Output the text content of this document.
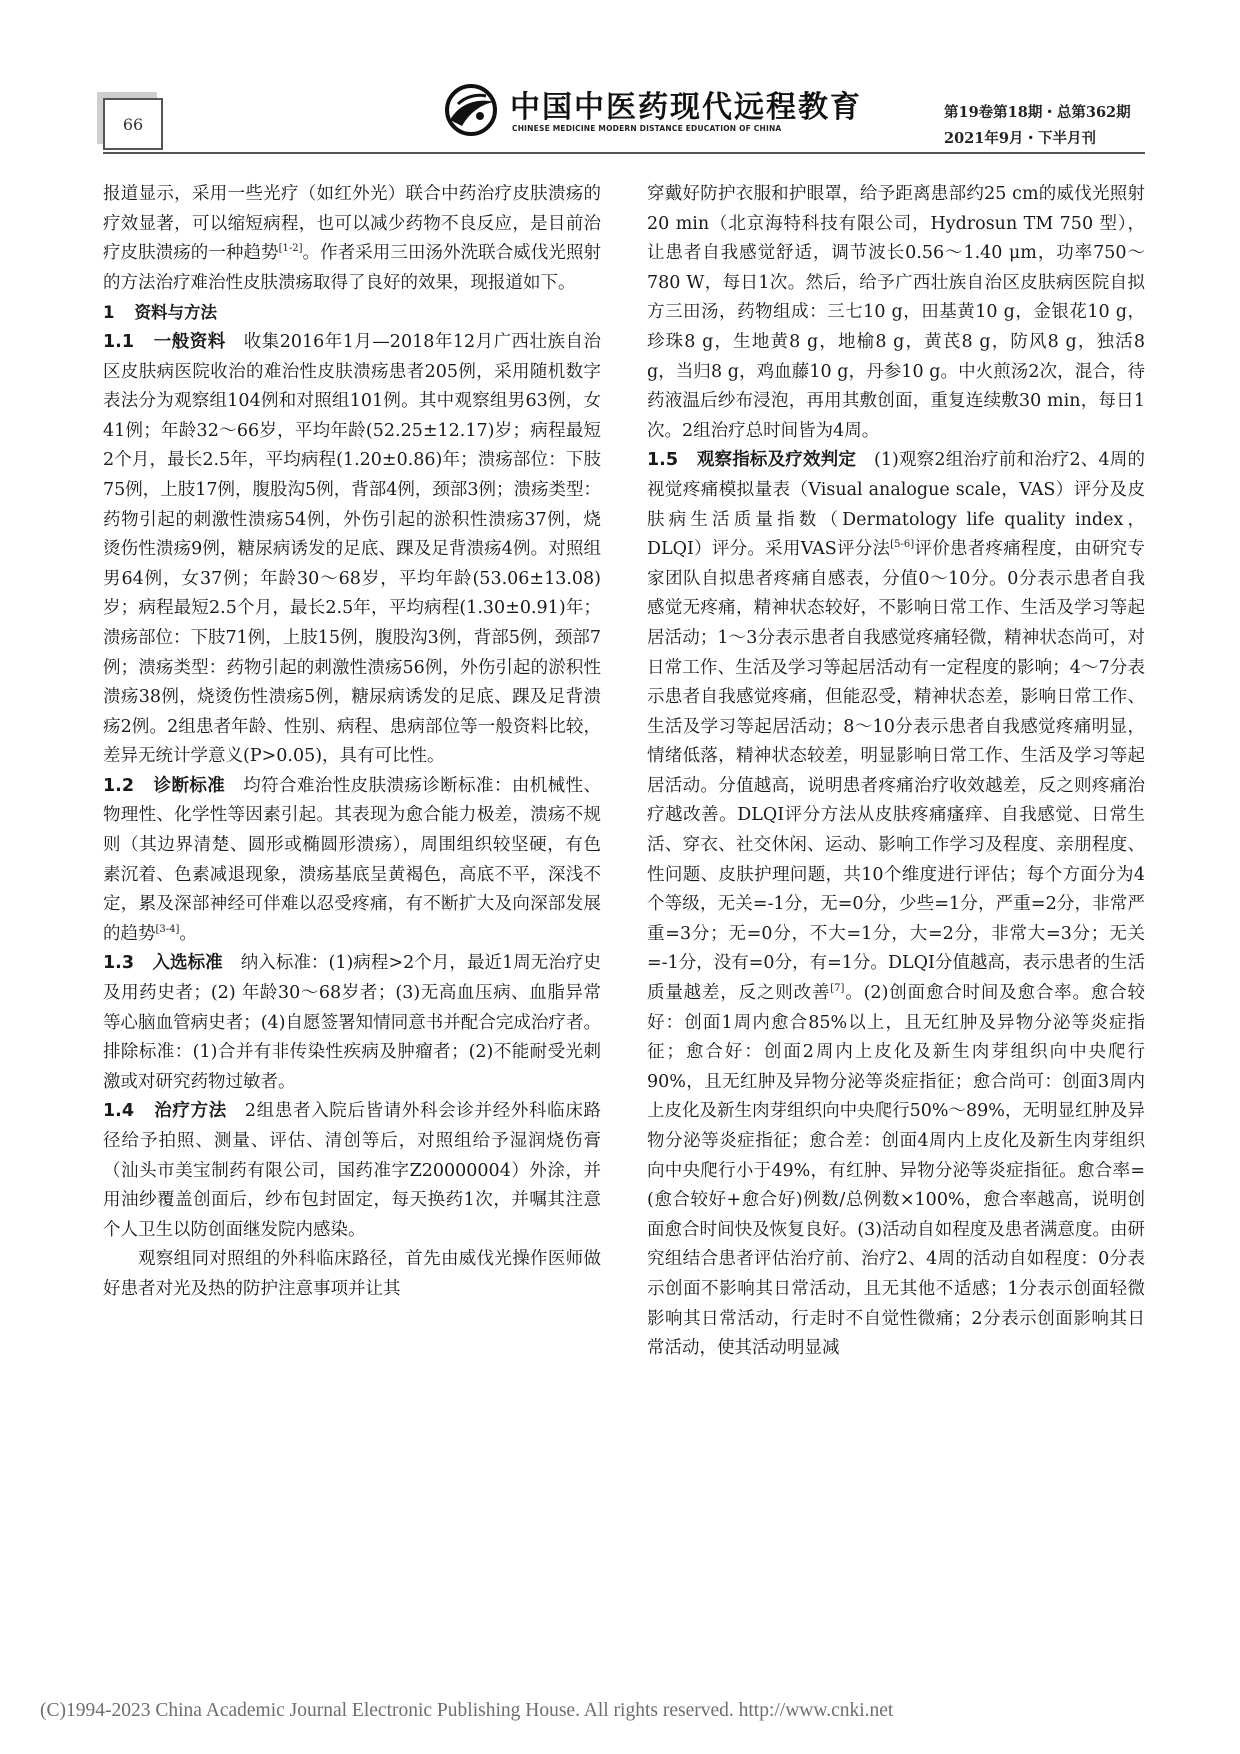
66	中国中医药现代远程教育
CHINESE MEDICINE MODERN DISTANCE EDUCATION OF CHINA
第19卷第18期・总第362期
2021年9月・下半月刊

报道显示，采用一些光疗（如红外光）联合中药治疗皮肤溃疡的疗效显著，可以缩短病程，也可以减少药物不良反应，是目前治疗皮肤溃疡的一种趋势[1-2]。作者采用三田汤外洗联合威伐光照射的方法治疗难治性皮肤溃疡取得了良好的效果，现报道如下。

1 资料与方法

1.1 一般资料 收集2016年1月—2018年12月广西壮族自治区皮肤病医院收治的难治性皮肤溃疡患者205例，采用随机数字表法分为观察组104例和对照组101例。其中观察组男63例，女41例；年龄32～66岁，平均年龄(52.25±12.17)岁；病程最短2个月，最长2.5年，平均病程(1.20±0.86)年；溃疡部位：下肢75例，上肢17例，腹股沟5例，背部4例，颈部3例；溃疡类型：药物引起的刺激性溃疡54例，外伤引起的淤积性溃疡37例，烧烫伤性溃疡9例，糖尿病诱发的足底、踝及足背溃疡4例。对照组男64例，女37例；年龄30～68岁，平均年龄(53.06±13.08)岁；病程最短2.5个月，最长2.5年，平均病程(1.30±0.91)年；溃疡部位：下肢71例，上肢15例，腹股沟3例，背部5例，颈部7例；溃疡类型：药物引起的刺激性溃疡56例，外伤引起的淤积性溃疡38例，烧烫伤性溃疡5例，糖尿病诱发的足底、踝及足背溃疡2例。2组患者年龄、性别、病程、患病部位等一般资料比较，差异无统计学意义(P>0.05)，具有可比性。

1.2 诊断标准 均符合难治性皮肤溃疡诊断标准：由机械性、物理性、化学性等因素引起。其表现为愈合能力极差，溃疡不规则（其边界清楚、圆形或椭圆形溃疡），周围组织较坚硬，有色素沉着、色素减退现象，溃疡基底呈黄褐色，高底不平，深浅不定，累及深部神经可伴难以忍受疼痛，有不断扩大及向深部发展的趋势[3-4]。

1.3 入选标准 纳入标准：(1)病程>2个月，最近1周无治疗史及用药史者；(2) 年龄30～68岁者；(3)无高血压病、血脂异常等心脑血管病史者；(4)自愿签署知情同意书并配合完成治疗者。排除标准：(1)合并有非传染性疾病及肿瘤者；(2)不能耐受光刺激或对研究药物过敏者。

1.4 治疗方法 2组患者入院后皆请外科会诊并经外科临床路径给予拍照、测量、评估、清创等后，对照组给予湿润烧伤膏（汕头市美宝制药有限公司，国药准字Z20000004）外涂，并用油纱覆盖创面后，纱布包封固定，每天换药1次，并嘱其注意个人卫生以防创面继发院内感染。

观察组同对照组的外科临床路径，首先由威伐光操作医师做好患者对光及热的防护注意事项并让其

穿戴好防护衣服和护眼罩，给予距离患部约25 cm的威伐光照射20 min（北京海特科技有限公司，Hydrosun TM 750 型），让患者自我感觉舒适，调节波长0.56～1.40 μm，功率750～780 W，每日1次。然后，给予广西壮族自治区皮肤病医院自拟方三田汤，药物组成：三七10 g，田基黄10 g，金银花10 g，珍珠8 g，生地黄8 g，地榆8 g，黄芪8 g，防风8 g，独活8 g，当归8 g，鸡血藤10 g，丹参10 g。中火煎汤2次，混合，待药液温后纱布浸泡，再用其敷创面，重复连续敷30 min，每日1次。2组治疗总时间皆为4周。

1.5 观察指标及疗效判定 (1)观察2组治疗前和治疗2、4周的视觉疼痛模拟量表（Visual analogue scale，VAS）评分及皮肤病生活质量指数（Dermatology life quality index，DLQI）评分。采用VAS评分法[5-6]评价患者疼痛程度，由研究专家团队自拟患者疼痛自感表，分值0～10分。0分表示患者自我感觉无疼痛，精神状态较好，不影响日常工作、生活及学习等起居活动；1～3分表示患者自我感觉疼痛轻微，精神状态尚可，对日常工作、生活及学习等起居活动有一定程度的影响；4～7分表示患者自我感觉疼痛，但能忍受，精神状态差，影响日常工作、生活及学习等起居活动；8～10分表示患者自我感觉疼痛明显，情绪低落，精神状态较差，明显影响日常工作、生活及学习等起居活动。分值越高，说明患者疼痛治疗收效越差，反之则疼痛治疗越改善。DLQI评分方法从皮肤疼痛瘙痒、自我感觉、日常生活、穿衣、社交休闲、运动、影响工作学习及程度、亲朋程度、性问题、皮肤护理问题，共10个维度进行评估；每个方面分为4个等级，无关=-1分，无=0分，少些=1分，严重=2分，非常严重=3分；无=0分，不大=1分，大=2分，非常大=3分；无关=-1分，没有=0分，有=1分。DLQI分值越高，表示患者的生活质量越差，反之则改善[7]。(2)创面愈合时间及愈合率。愈合较好：创面1周内愈合85%以上，且无红肿及异物分泌等炎症指征；愈合好：创面2周内上皮化及新生肉芽组织向中央爬行90%，且无红肿及异物分泌等炎症指征；愈合尚可：创面3周内上皮化及新生肉芽组织向中央爬行50%～89%，无明显红肿及异物分泌等炎症指征；愈合差：创面4周内上皮化及新生肉芽组织向中央爬行小于49%，有红肿、异物分泌等炎症指征。愈合率=(愈合较好+愈合好)例数/总例数×100%，愈合率越高，说明创面愈合时间快及恢复良好。(3)活动自如程度及患者满意度。由研究组结合患者评估治疗前、治疗2、4周的活动自如程度：0分表示创面不影响其日常活动，且无其他不适感；1分表示创面轻微影响其日常活动，行走时不自觉性微痛；2分表示创面影响其日常活动，使其活动明显减

(C)1994-2023 China Academic Journal Electronic Publishing House. All rights reserved. http://www.cnki.net
